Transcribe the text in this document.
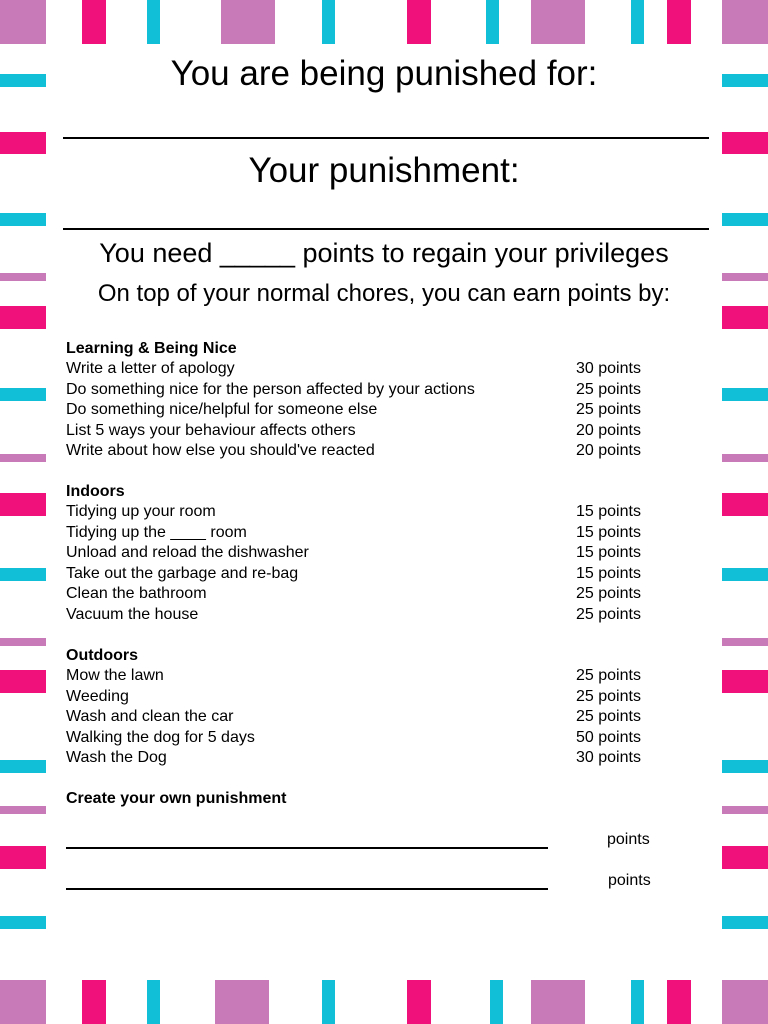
You are being punished for:
Your punishment:
You need _____ points to regain your privileges
On top of your normal chores, you can earn points by:
Learning & Being Nice
Write a letter of apology	30 points
Do something nice for the person affected by your actions	25 points
Do something nice/helpful for someone else	25 points
List 5 ways your behaviour affects others	20 points
Write about how else you should've reacted	20 points
Indoors
Tidying up your room	15 points
Tidying up the ____ room	15 points
Unload and reload the dishwasher	15 points
Take out the garbage and re-bag	15 points
Clean the bathroom	25 points
Vacuum the house	25 points
Outdoors
Mow the lawn	25 points
Weeding	25 points
Wash and clean the car	25 points
Walking the dog for 5 days	50 points
Wash the Dog	30 points
Create your own punishment
points
points
